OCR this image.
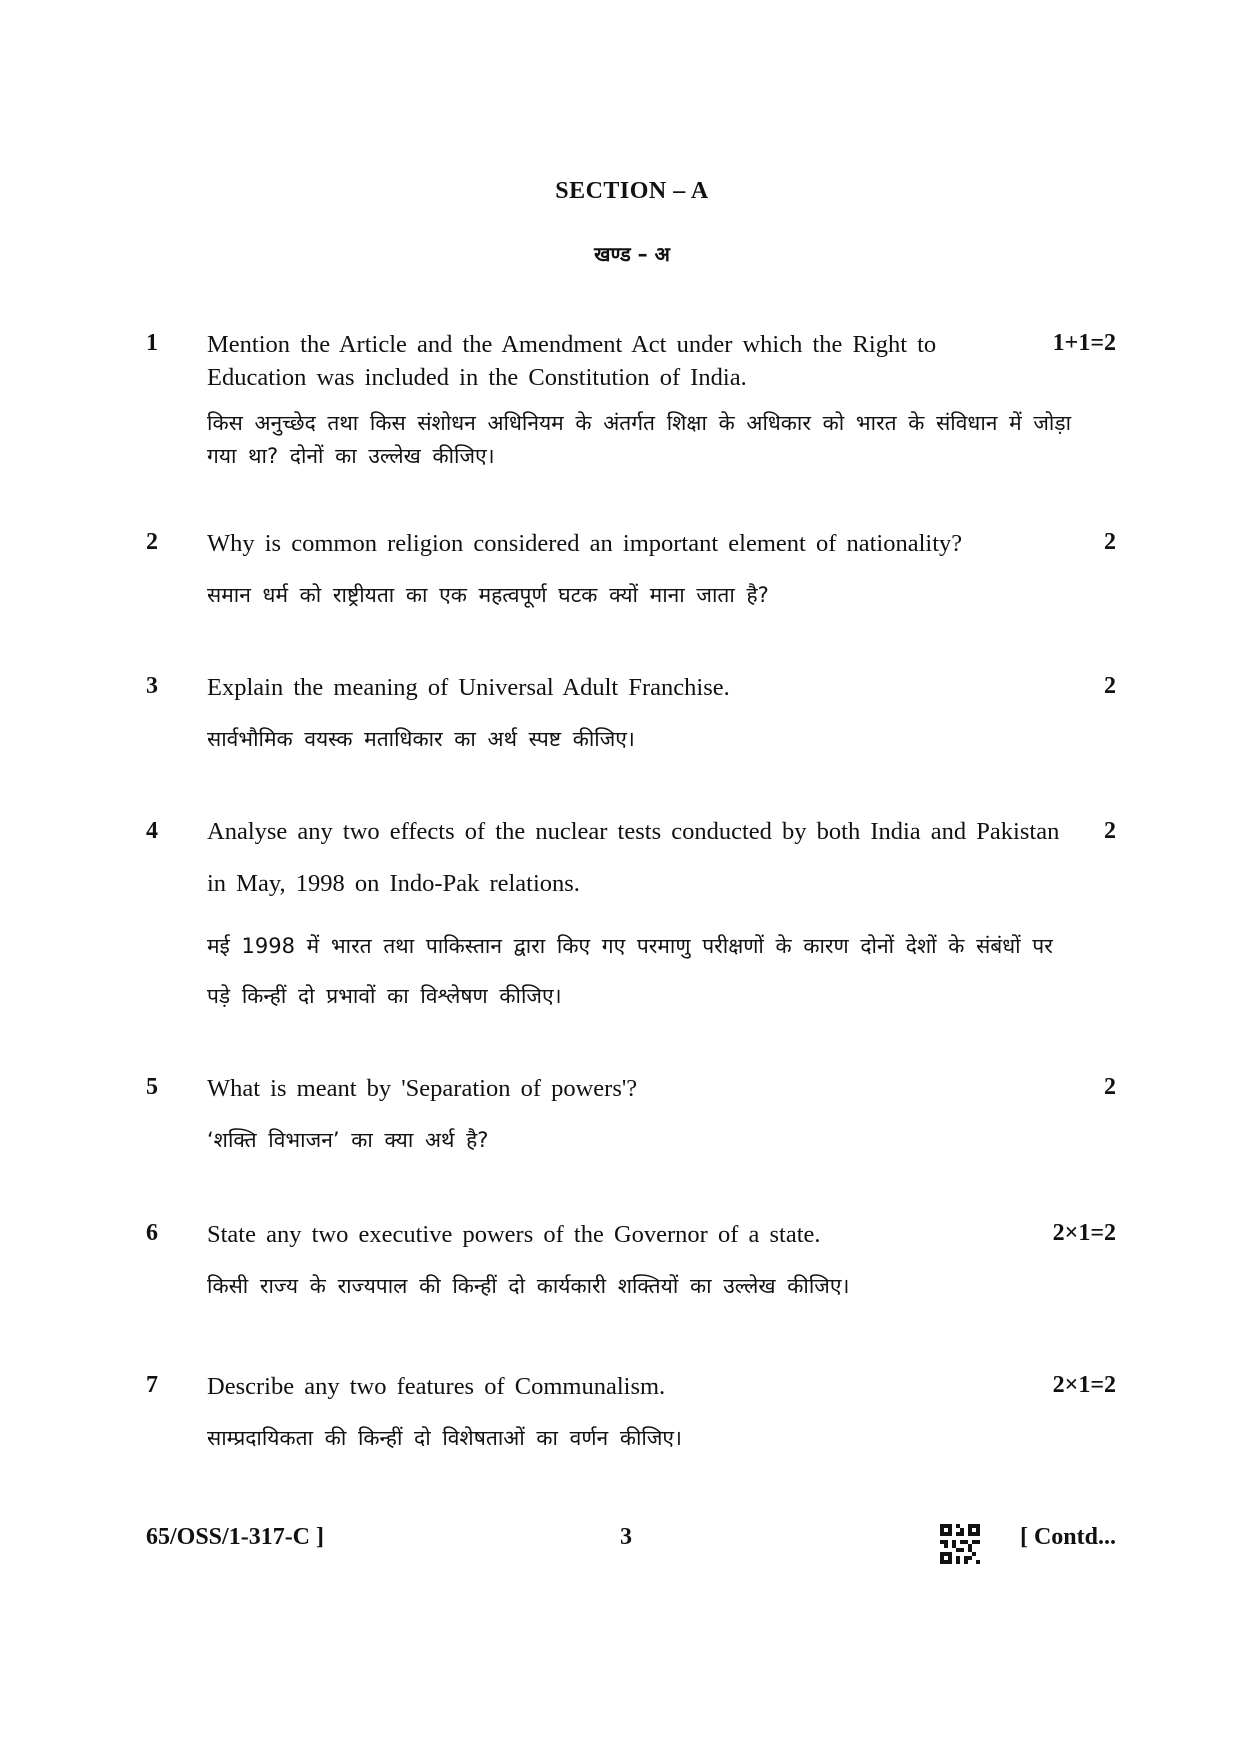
SECTION – A
खण्ड – अ
1	Mention the Article and the Amendment Act under which the Right to Education was included in the Constitution of India.
1+1=2
किस अनुच्छेद तथा किस संशोधन अधिनियम के अंतर्गत शिक्षा के अधिकार को भारत के संविधान में जोड़ा गया था? दोनों का उल्लेख कीजिए।
2	Why is common religion considered an important element of nationality?	2
समान धर्म को राष्ट्रीयता का एक महत्वपूर्ण घटक क्यों माना जाता है?
3	Explain the meaning of Universal Adult Franchise.	2
सार्वभौमिक वयस्क मताधिकार का अर्थ स्पष्ट कीजिए।
4	Analyse any two effects of the nuclear tests conducted by both India and Pakistan in May, 1998 on Indo-Pak relations.
2
मई 1998 में भारत तथा पाकिस्तान द्वारा किए गए परमाणु परीक्षणों के कारण दोनों देशों के संबंधों पर पड़े किन्हीं दो प्रभावों का विश्लेषण कीजिए।
5	What is meant by 'Separation of powers'?	2
‘शक्ति विभाजन’ का क्या अर्थ है?
6	State any two executive powers of the Governor of a state.	2×1=2
किसी राज्य के राज्यपाल की किन्हीं दो कार्यकारी शक्तियों का उल्लेख कीजिए।
7	Describe any two features of Communalism.	2×1=2
साम्प्रदायिकता की किन्हीं दो विशेषताओं का वर्णन कीजिए।
65/OSS/1-317-C ]	3	[ Contd...
